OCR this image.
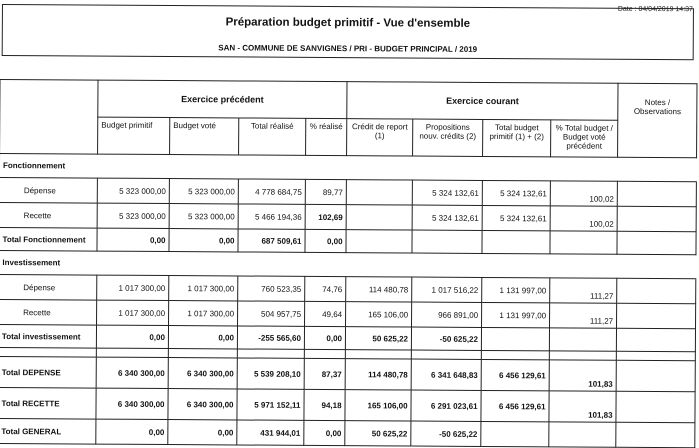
Date : 04/04/2019 14:37
Préparation budget primitif - Vue d'ensemble
SAN - COMMUNE DE SANVIGNES / PRI - BUDGET PRINCIPAL / 2019
	Exercice précédent				Exercice courant				Notes / Observations
	Budget primitif	Budget voté	Total réalisé	% réalisé	Crédit de report (1)	Propositions nouv. crédits (2)	Total budget primitif (1) + (2)	% Total budget / Budget voté précédent	
Fonctionnement									
Dépense	5 323 000,00	5 323 000,00	4 778 684,75	89,77		5 324 132,61	5 324 132,61	100,02	
Recette	5 323 000,00	5 323 000,00	5 466 194,36	102,69		5 324 132,61	5 324 132,61	100,02	
Total Fonctionnement	0,00	0,00	687 509,61	0,00					
Investissement									
Dépense	1 017 300,00	1 017 300,00	760 523,35	74,76	114 480,78	1 017 516,22	1 131 997,00	111,27	
Recette	1 017 300,00	1 017 300,00	504 957,75	49,64	165 106,00	966 891,00	1 131 997,00	111,27	
Total investissement	0,00	0,00	-255 565,60	0,00	50 625,22	-50 625,22			

Total DEPENSE	6 340 300,00	6 340 300,00	5 539 208,10	87,37	114 480,78	6 341 648,83	6 456 129,61	101,83	
Total RECETTE	6 340 300,00	6 340 300,00	5 971 152,11	94,18	165 106,00	6 291 023,61	6 456 129,61	101,83	
Total GENERAL	0,00	0,00	431 944,01	0,00	50 625,22	-50 625,22			
